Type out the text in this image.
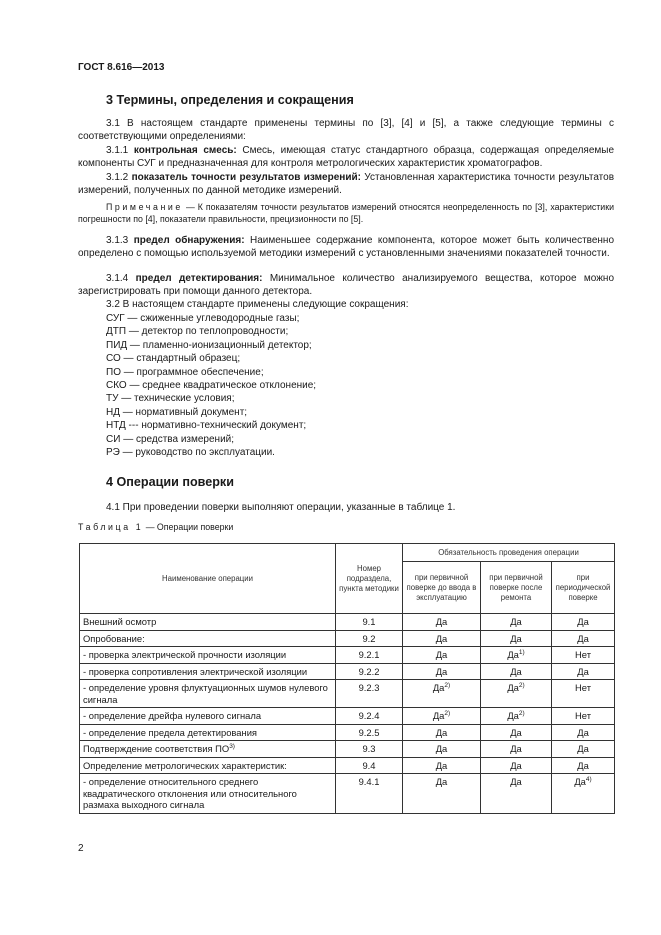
ГОСТ 8.616—2013
3 Термины, определения и сокращения
3.1 В настоящем стандарте применены термины по [3], [4] и [5], а также следующие термины с соответствующими определениями:
3.1.1 контрольная смесь: Смесь, имеющая статус стандартного образца, содержащая определяемые компоненты СУГ и предназначенная для контроля метрологических характеристик хроматографов.
3.1.2 показатель точности результатов измерений: Установленная характеристика точности результатов измерений, полученных по данной методике измерений.
Примечание — К показателям точности результатов измерений относятся неопределенность по [3], характеристики погрешности по [4], показатели правильности, прецизионности по [5].
3.1.3 предел обнаружения: Наименьшее содержание компонента, которое может быть количественно определено с помощью используемой методики измерений с установленными значениями показателей точности.
3.1.4 предел детектирования: Минимальное количество анализируемого вещества, которое можно зарегистрировать при помощи данного детектора.
3.2 В настоящем стандарте применены следующие сокращения:
СУГ — сжиженные углеводородные газы;
ДТП — детектор по теплопроводности;
ПИД — пламенно-ионизационный детектор;
СО — стандартный образец;
ПО — программное обеспечение;
СКО — среднее квадратическое отклонение;
ТУ — технические условия;
НД — нормативный документ;
НТД --- нормативно-технический документ;
СИ — средства измерений;
РЭ — руководство по эксплуатации.
4 Операции поверки
4.1 При проведении поверки выполняют операции, указанные в таблице 1.
Таблица 1 — Операции поверки
Наименование операции	Номер подраздела, пункта методики	Обязательность проведения операции		
		при первичной поверке до ввода в эксплуатацию	при первичной поверке после ремонта	при периодической поверке
Внешний осмотр	9.1	Да	Да	Да
Опробование:	9.2	Да	Да	Да
- проверка электрической прочности изоляции	9.2.1	Да	$Да^{1)}$	Нет
- проверка сопротивления электрической изоляции	9.2.2	Да	Да	Да
- определение уровня флуктуационных шумов нулевого сигнала	9.2.3	$Да^{2)}$	$Да^{2)}$	Нет
- определение дрейфа нулевого сигнала	9.2.4	$Да^{2)}$	$Да^{2)}$	Нет
- определение предела детектирования	9.2.5	Да	Да	Да
Подтверждение соответствия ПО$^{3)}$	9.3	Да	Да	Да
Определение метрологических характеристик:	9.4	Да	Да	Да
- определение относительного среднего квадратического отклонения или относительного размаха выходного сигнала	9.4.1	Да	Да	$Да^{4)}$
2
